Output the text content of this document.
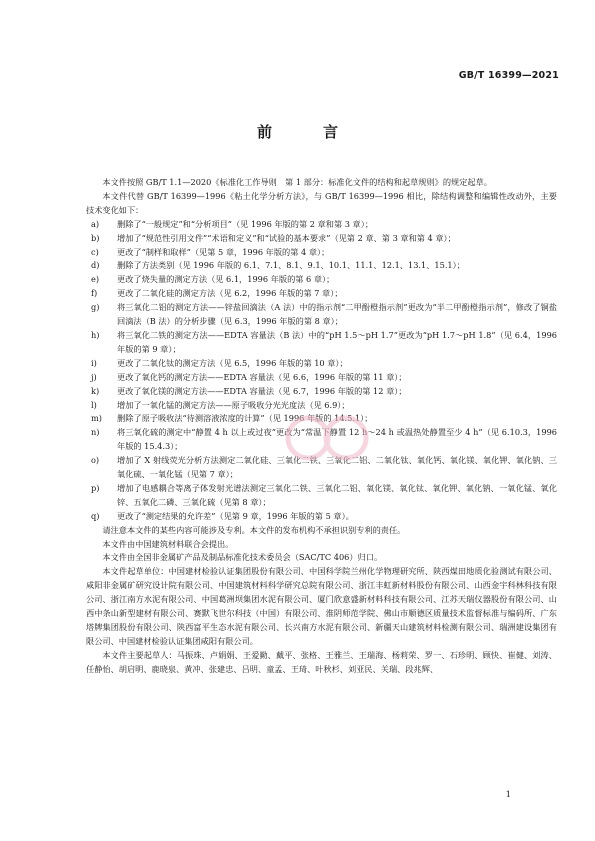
GB/T 16399—2021
前　言

本文件按照 GB/T 1.1—2020《标准化工作导则　第 1 部分：标准化文件的结构和起草规则》的规定起草。

本文件代替 GB/T 16399—1996《粘土化学分析方法》，与 GB/T 16399—1996 相比，除结构调整和编辑性改动外，主要技术变化如下：

a) 删除了“一般规定”和“分析项目”（见 1996 年版的第 2 章和第 3 章）；
b) 增加了“规范性引用文件”“术语和定义”和“试验的基本要求”（见第 2 章、第 3 章和第 4 章）；
c) 更改了“制样和取样”（见第 5 章，1996 年版的第 4 章）；
d) 删除了方法类别（见 1996 年版的 6.1、7.1、8.1、9.1、10.1、11.1、12.1、13.1、15.1）；
e) 更改了烧失量的测定方法（见 6.1，1996 年版的第 6 章）；
f) 更改了二氧化硅的测定方法（见 6.2，1996 年版的第 7 章）；
g) 将三氧化二铝的测定方法——锌盐回滴法（A 法）中的指示剂“二甲酚橙指示剂”更改为“半二甲酚橙指示剂”，修改了铜盐回滴法（B 法）的分析步骤（见 6.3，1996 年版的第 8 章）；
h) 将三氧化二铁的测定方法——EDTA 容量法（B 法）中的“pH 1.5～pH 1.7”更改为“pH 1.7～pH 1.8”（见 6.4，1996 年版的第 9 章）；
i) 更改了二氧化钛的测定方法（见 6.5，1996 年版的第 10 章）；
j) 更改了氧化钙的测定方法——EDTA 容量法（见 6.6，1996 年版的第 11 章）；
k) 更改了氧化镁的测定方法——EDTA 容量法（见 6.7，1996 年版的第 12 章）；
l) 增加了一氧化锰的测定方法——原子吸收分光光度法（见 6.9）；
m) 删除了原子吸收法“待测溶液浓度的计算”（见 1996 年版的 14.5.1）；
n) 将三氧化硫的测定中“静置 4 h 以上或过夜”更改为“常温下静置 12 h～24 h 或温热处静置至少 4 h”（见 6.10.3，1996 年版的 15.4.3）；
o) 增加了 X 射线荧光分析方法测定二氧化硅、三氧化二铁、三氧化二铝、二氧化钛、氧化钙、氧化镁、氧化钾、氧化钠、三氧化硫、一氧化锰（见第 7 章）；
p) 增加了电感耦合等离子体发射光谱法测定三氧化二铁、三氧化二铝、氧化镁、氧化钛、氧化钾、氧化钠、一氧化锰、氧化锌、五氧化二磷、三氧化硫（见第 8 章）；
q) 更改了“测定结果的允许差”（见第 9 章，1996 年版的第 5 章）。

请注意本文件的某些内容可能涉及专利。本文件的发布机构不承担识别专利的责任。

本文件由中国建筑材料联合会提出。

本文件由全国非金属矿产品及制品标准化技术委员会（SAC/TC 406）归口。

本文件起草单位：中国建材检验认证集团股份有限公司、中国科学院兰州化学物理研究所、陕西煤田地质化验测试有限公司、咸阳非金属矿研究设计院有限公司、中国建筑材料科学研究总院有限公司、浙江丰虹新材料股份有限公司、山西金宇科林科技有限公司、浙江南方水泥有限公司、中国葛洲坝集团水泥有限公司、厦门欣意盛新材料科技有限公司、江苏天瑞仪器股份有限公司、山西中条山新型建材有限公司、赛默飞世尔科技（中国）有限公司、淮阴师范学院、佛山市顺德区质量技术监督标准与编码所、广东塔牌集团股份有限公司、陕西富平生态水泥有限公司、长兴南方水泥有限公司、新疆天山建筑材料检测有限公司、瑞洲建设集团有限公司、中国建材检验认证集团咸阳有限公司。

本文件主要起草人：马振珠、卢娟娟、王爱勤、戴平、张格、王雅兰、王瑞海、杨莉荣、罗一、石珍明、顾快、崔健、刘涛、任静怡、胡启明、鹿晓泉、黄冲、张建忠、吕明、童孟、王琦、叶秋杉、刘亚民、关瑞、段兆辉、

1
